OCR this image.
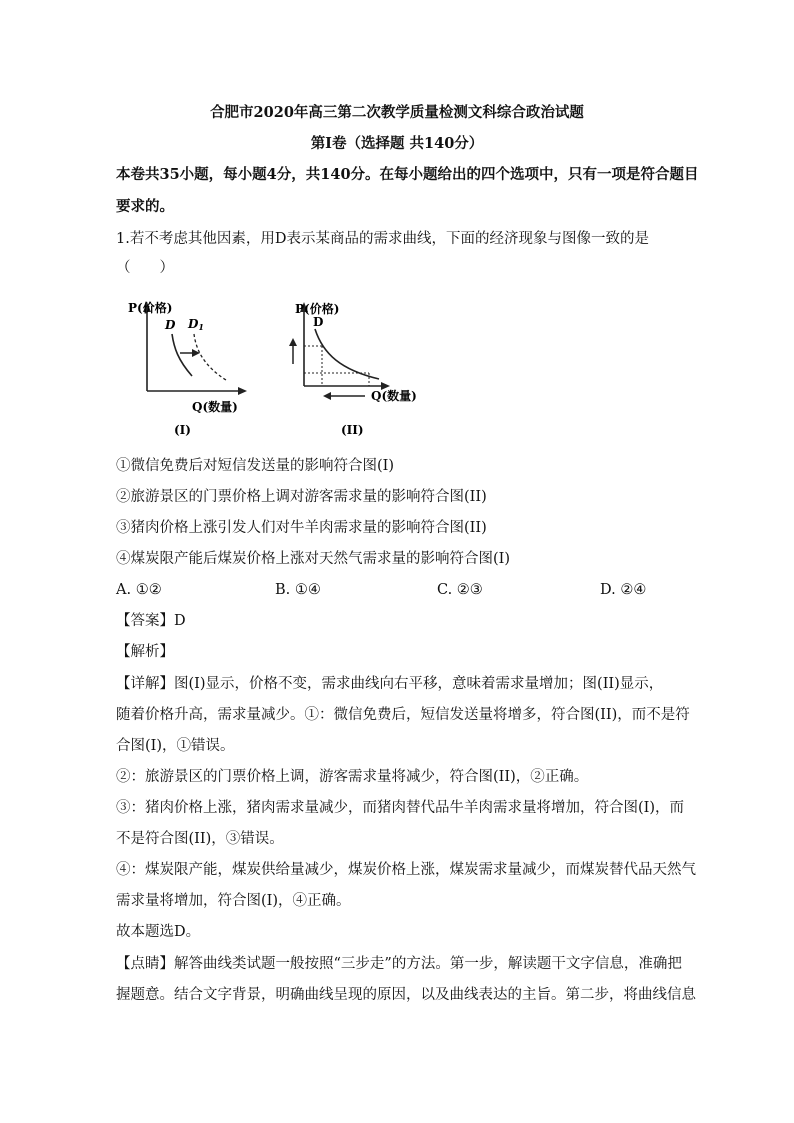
合肥市2020年高三第二次教学质量检测文科综合政治试题
第I卷（选择题 共140分）
本卷共35小题，每小题4分，共140分。在每小题给出的四个选项中，只有一项是符合题目
要求的。
1.若不考虑其他因素，用D表示某商品的需求曲线，下面的经济现象与图像一致的是
（　　）
P(价格)
D D1
Q(数量)
(I)
P(价格)
D
Q(数量)
(II)
①微信免费后对短信发送量的影响符合图(I)
②旅游景区的门票价格上调对游客需求量的影响符合图(II)
③猪肉价格上涨引发人们对牛羊肉需求量的影响符合图(II)
④煤炭限产能后煤炭价格上涨对天然气需求量的影响符合图(I)
A. ①②	B. ①④	C. ②③	D. ②④
【答案】D
【解析】
【详解】图(I)显示，价格不变，需求曲线向右平移，意味着需求量增加；图(II)显示，
随着价格升高，需求量减少。①：微信免费后，短信发送量将增多，符合图(II)，而不是符
合图(I)，①错误。
②：旅游景区的门票价格上调，游客需求量将减少，符合图(II)，②正确。
③：猪肉价格上涨，猪肉需求量减少，而猪肉替代品牛羊肉需求量将增加，符合图(I)，而
不是符合图(II)，③错误。
④：煤炭限产能，煤炭供给量减少，煤炭价格上涨，煤炭需求量减少，而煤炭替代品天然气
需求量将增加，符合图(I)，④正确。
故本题选D。
【点睛】解答曲线类试题一般按照“三步走”的方法。第一步，解读题干文字信息，准确把
握题意。结合文字背景，明确曲线呈现的原因，以及曲线表达的主旨。第二步，将曲线信息
